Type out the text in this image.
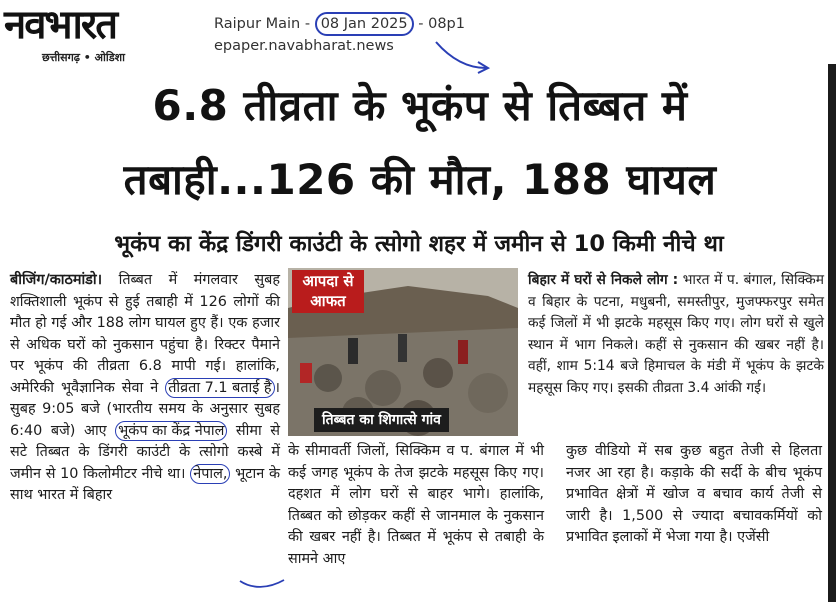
नवभारत
छत्तीसगढ़ • ओडिशा
Raipur Main - 08 Jan 2025 - 08p1
epaper.navabharat.news
6.8 तीव्रता के भूकंप से तिब्बत में
तबाही...126 की मौत, 188 घायल
भूकंप का केंद्र डिंगरी काउंटी के त्सोगो शहर में जमीन से 10 किमी नीचे था
बीजिंग/काठमांडो। तिब्बत में मंगलवार सुबह शक्तिशाली भूकंप से हुई तबाही में 126 लोगों की मौत हो गई और 188 लोग घायल हुए हैं। एक हजार से अधिक घरों को नुकसान पहुंचा है। रिक्टर पैमाने पर भूकंप की तीव्रता 6.8 मापी गई। हालांकि, अमेरिकी भूवैज्ञानिक सेवा ने तीव्रता 7.1 बताई है । सुबह 9:05 बजे (भारतीय समय के अनुसार सुबह 6:40 बजे) आए भूकंप का केंद्र नेपाल सीमा से सटे तिब्बत के डिंगरी काउंटी के त्सोगो कस्बे में जमीन से 10 किलोमीटर नीचे था। नेपाल, भूटान के साथ भारत में बिहार
आपदा से
आफत
तिब्बत का शिगात्से गांव
बिहार में घरों से निकले लोग : भारत में प. बंगाल, सिक्किम व बिहार के पटना, मधुबनी, समस्तीपुर, मुजफ्फरपुर समेत कई जिलों में भी झटके महसूस किए गए। लोग घरों से खुले स्थान में भाग निकले। कहीं से नुकसान की खबर नहीं है। वहीं, शाम 5:14 बजे हिमाचल के मंडी में भूकंप के झटके महसूस किए गए। इसकी तीव्रता 3.4 आंकी गई।
के सीमावर्ती जिलों, सिक्किम व प. बंगाल में भी कई जगह भूकंप के तेज झटके महसूस किए गए। दहशत में लोग घरों से बाहर भागे। हालांकि, तिब्बत को छोड़कर कहीं से जानमाल के नुकसान की खबर नहीं है। तिब्बत में भूकंप से तबाही के सामने आए
कुछ वीडियो में सब कुछ बहुत तेजी से हिलता नजर आ रहा है। कड़ाके की सर्दी के बीच भूकंप प्रभावित क्षेत्रों में खोज व बचाव कार्य तेजी से जारी है। 1,500 से ज्यादा बचावकर्मियों को प्रभावित इलाकों में भेजा गया है। एजेंसी
